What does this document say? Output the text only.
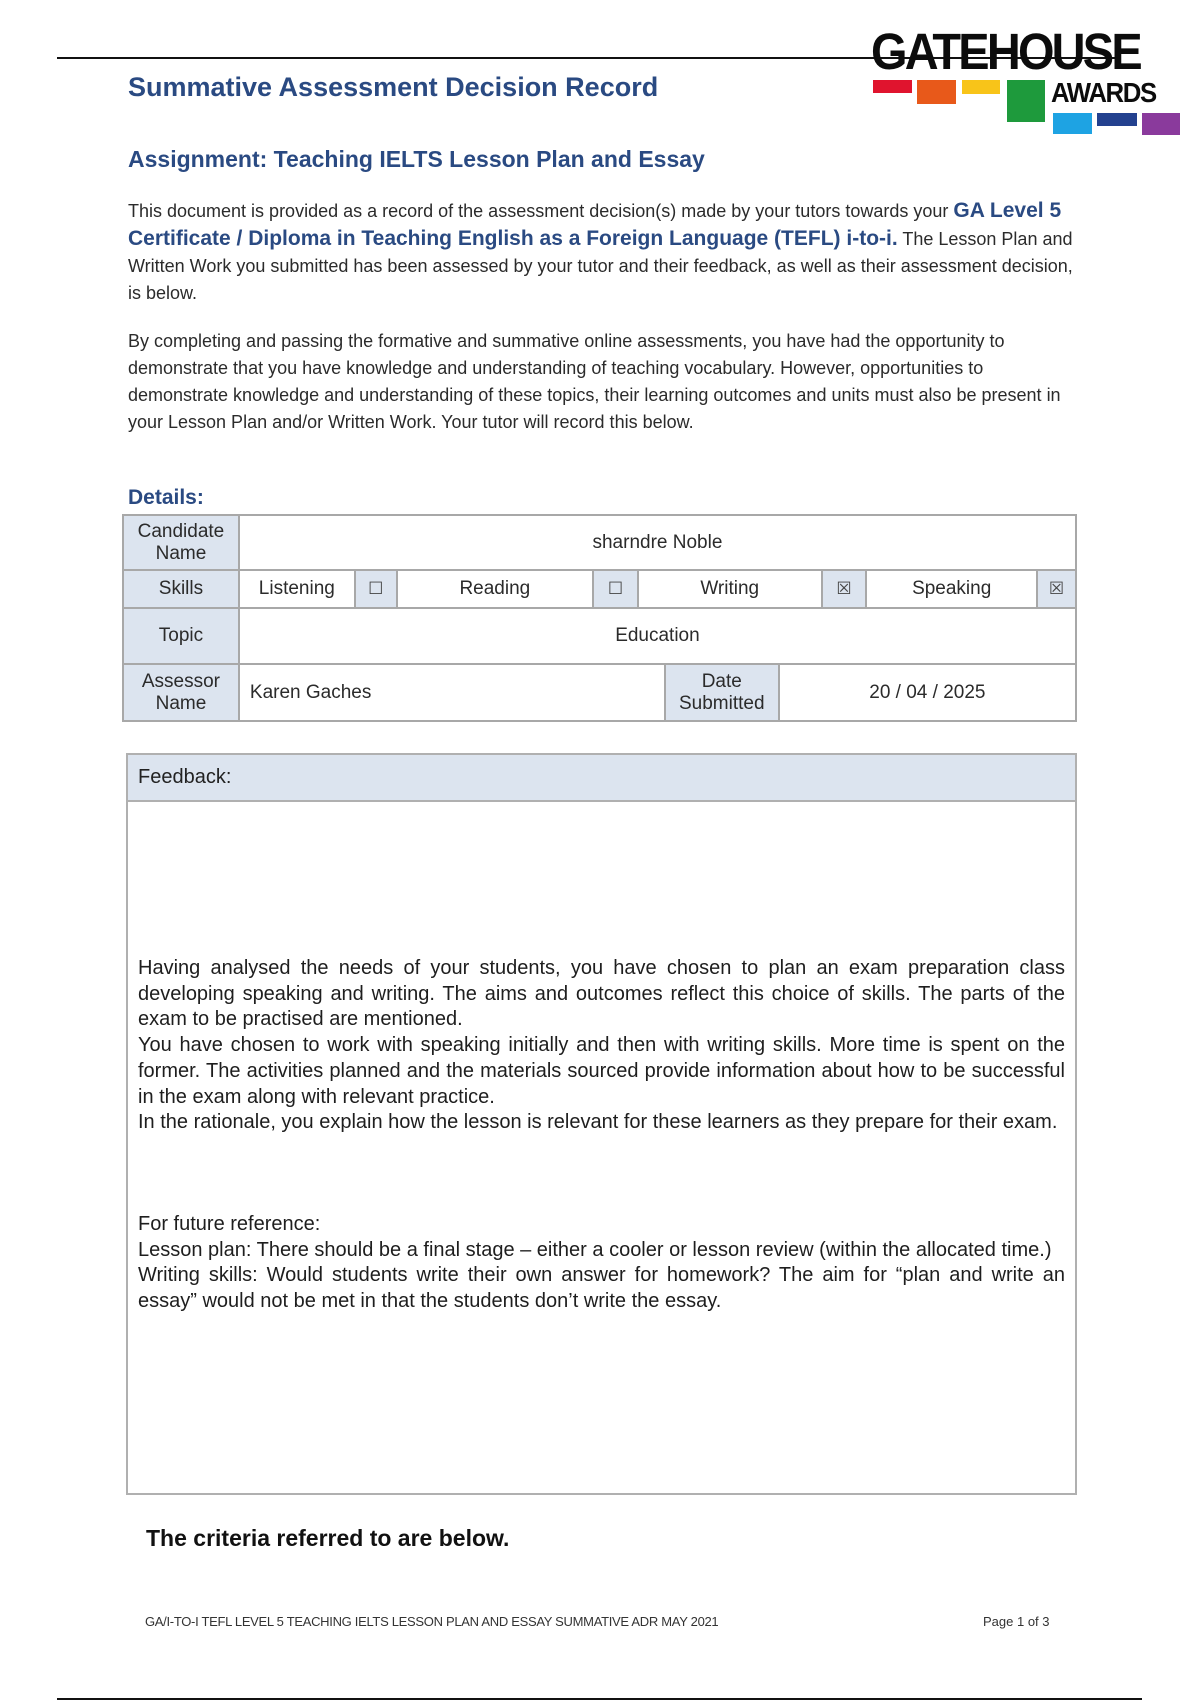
GATEHOUSE
AWARDS
Summative Assessment Decision Record
Assignment: Teaching IELTS Lesson Plan and Essay
This document is provided as a record of the assessment decision(s) made by your tutors towards your GA Level 5 Certificate / Diploma in Teaching English as a Foreign Language (TEFL) i-to-i. The Lesson Plan and Written Work you submitted has been assessed by your tutor and their feedback, as well as their assessment decision, is below.
By completing and passing the formative and summative online assessments, you have had the opportunity to demonstrate that you have knowledge and understanding of teaching vocabulary. However, opportunities to demonstrate knowledge and understanding of these topics, their learning outcomes and units must also be present in your Lesson Plan and/or Written Work. Your tutor will record this below.
Details:
Candidate Name	sharndre Noble									
Skills	Listening	☐	Reading	☐	Writing			☒	Speaking	☒
Topic	Education									
Assessor Name	Karen Gaches					Date Submitted	20 / 04 / 2025			
Feedback:

Having analysed the needs of your students, you have chosen to plan an exam preparation class developing speaking and writing. The aims and outcomes reflect this choice of skills. The parts of the exam to be practised are mentioned.

You have chosen to work with speaking initially and then with writing skills. More time is spent on the former. The activities planned and the materials sourced provide information about how to be successful in the exam along with relevant practice.

In the rationale, you explain how the lesson is relevant for these learners as they prepare for their exam.

For future reference:

Lesson plan: There should be a final stage – either a cooler or lesson review (within the allocated time.)

Writing skills: Would students write their own answer for homework? The aim for “plan and write an essay” would not be met in that the students don’t write the essay.

The criteria referred to are below.
GA/I-TO-I TEFL LEVEL 5 TEACHING IELTS LESSON PLAN AND ESSAY SUMMATIVE ADR MAY 2021	Page 1 of 3
